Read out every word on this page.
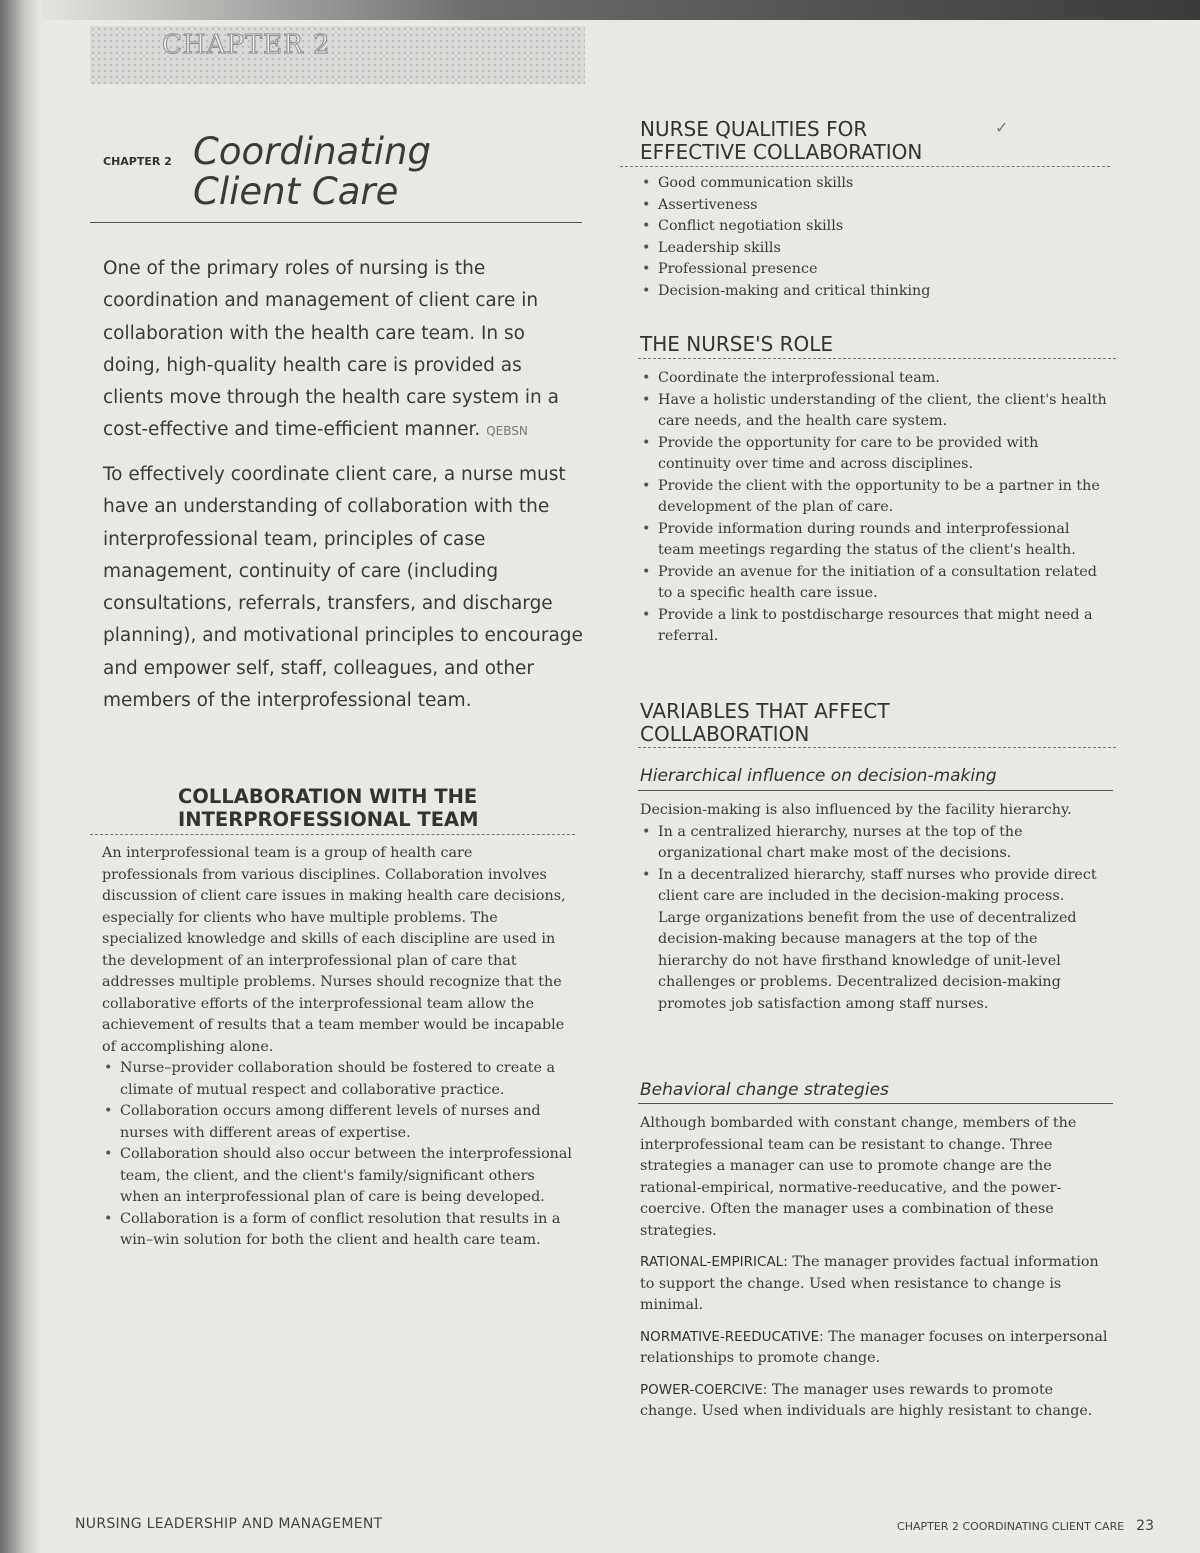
CHAPTER 2
CHAPTER 2 Coordinating
Client Care

One of the primary roles of nursing is the coordination and management of client care in collaboration with the health care team. In so doing, high-quality health care is provided as clients move through the health care system in a cost-effective and time-efficient manner. QEBSN

To effectively coordinate client care, a nurse must have an understanding of collaboration with the interprofessional team, principles of case management, continuity of care (including consultations, referrals, transfers, and discharge planning), and motivational principles to encourage and empower self, staff, colleagues, and other members of the interprofessional team.

COLLABORATION WITH THE
INTERPROFESSIONAL TEAM

An interprofessional team is a group of health care professionals from various disciplines. Collaboration involves discussion of client care issues in making health care decisions, especially for clients who have multiple problems. The specialized knowledge and skills of each discipline are used in the development of an interprofessional plan of care that addresses multiple problems. Nurses should recognize that the collaborative efforts of the interprofessional team allow the achievement of results that a team member would be incapable of accomplishing alone.

• Nurse–provider collaboration should be fostered to create a climate of mutual respect and collaborative practice.
• Collaboration occurs among different levels of nurses and nurses with different areas of expertise.
• Collaboration should also occur between the interprofessional team, the client, and the client's family/significant others when an interprofessional plan of care is being developed.
• Collaboration is a form of conflict resolution that results in a win–win solution for both the client and health care team.
NURSE QUALITIES FOR
EFFECTIVE COLLABORATION
✓
• Good communication skills
• Assertiveness
• Conflict negotiation skills
• Leadership skills
• Professional presence
• Decision-making and critical thinking
THE NURSE'S ROLE
• Coordinate the interprofessional team.
• Have a holistic understanding of the client, the client's health care needs, and the health care system.
• Provide the opportunity for care to be provided with continuity over time and across disciplines.
• Provide the client with the opportunity to be a partner in the development of the plan of care.
• Provide information during rounds and interprofessional team meetings regarding the status of the client's health.
• Provide an avenue for the initiation of a consultation related to a specific health care issue.
• Provide a link to postdischarge resources that might need a referral.
VARIABLES THAT AFFECT
COLLABORATION
Hierarchical influence on decision-making

Decision-making is also influenced by the facility hierarchy.

• In a centralized hierarchy, nurses at the top of the organizational chart make most of the decisions.
• In a decentralized hierarchy, staff nurses who provide direct client care are included in the decision-making process. Large organizations benefit from the use of decentralized decision-making because managers at the top of the hierarchy do not have firsthand knowledge of unit-level challenges or problems. Decentralized decision-making promotes job satisfaction among staff nurses.
Behavioral change strategies

Although bombarded with constant change, members of the interprofessional team can be resistant to change. Three strategies a manager can use to promote change are the rational-empirical, normative-reeducative, and the power-coercive. Often the manager uses a combination of these strategies.

RATIONAL-EMPIRICAL: The manager provides factual information to support the change. Used when resistance to change is minimal.

NORMATIVE-REEDUCATIVE: The manager focuses on interpersonal relationships to promote change.

POWER-COERCIVE: The manager uses rewards to promote change. Used when individuals are highly resistant to change.

NURSING LEADERSHIP AND MANAGEMENT	CHAPTER 2 COORDINATING CLIENT CARE 23
